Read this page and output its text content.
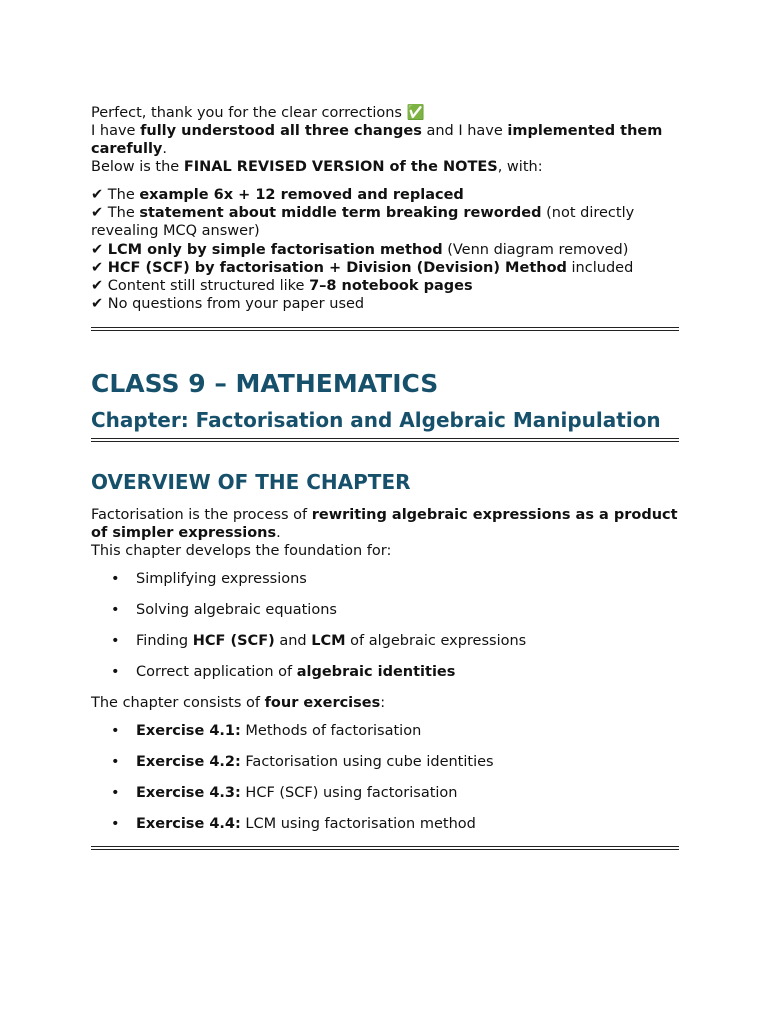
Perfect, thank you for the clear corrections ✅

I have fully understood all three changes and I have implemented them carefully.

Below is the FINAL REVISED VERSION of the NOTES, with:

✔ The example 6x + 12 removed and replaced

✔ The statement about middle term breaking reworded (not directly revealing MCQ answer)

✔ LCM only by simple factorisation method (Venn diagram removed)

✔ HCF (SCF) by factorisation + Division (Devision) Method included

✔ Content still structured like 7–8 notebook pages

✔ No questions from your paper used

CLASS 9 – MATHEMATICS
Chapter: Factorisation and Algebraic Manipulation
OVERVIEW OF THE CHAPTER

Factorisation is the process of rewriting algebraic expressions as a product of simpler expressions.

This chapter develops the foundation for:

• Simplifying expressions
• Solving algebraic equations
• Finding HCF (SCF) and LCM of algebraic expressions
• Correct application of algebraic identities

The chapter consists of four exercises:

• Exercise 4.1: Methods of factorisation
• Exercise 4.2: Factorisation using cube identities
• Exercise 4.3: HCF (SCF) using factorisation
• Exercise 4.4: LCM using factorisation method
